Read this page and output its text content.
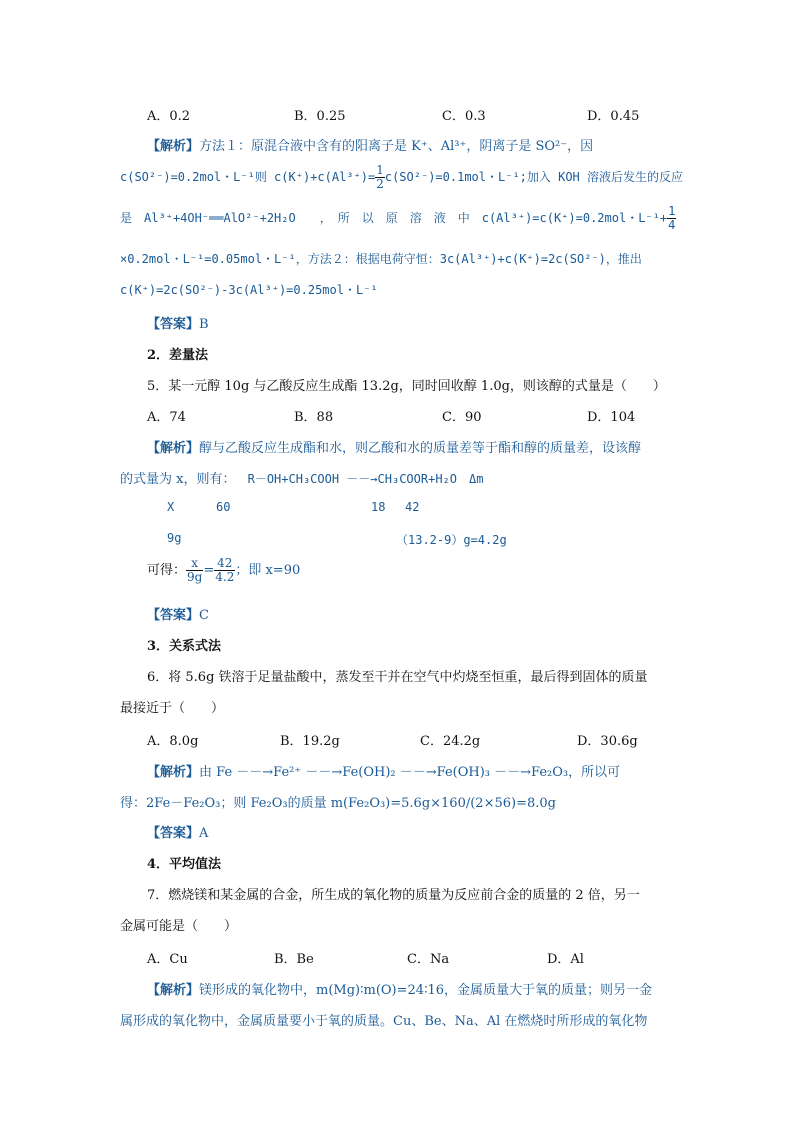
A．0.2	B．0.25	C．0.3	D．0.45
【解析】方法１：原混合液中含有的阳离子是 K⁺、Al³⁺，阴离子是 SO²⁻，因
c(SO²⁻)=0.2mol・L⁻¹则 $c(K^+)+c(Al^{3+})= \frac{1}{2} c(SO^{2-})=0.1mol$・L⁻¹;加入 KOH 溶液后发生的反应
是　Al³⁺+4OH⁻══AlO²⁻+2H₂O　　，　所　以　原　溶　液　中　c(Al³⁺)=c(K⁺)=0.2mol・$L^{-1}+ \frac{1}{4}$
×0.2mol・L⁻¹=0.05mol・L⁻¹，方法２：根据电荷守恒：3c(Al³⁺)+c(K⁺)=2c(SO²⁻)，推出
c(K⁺)=2c(SO²⁻)-3c(Al³⁺)=0.25mol・L⁻¹
【答案】B
2．差量法
5．某一元醇 10g 与乙酸反应生成酯 13.2g，同时回收醇 1.0g，则该醇的式量是（　　）
A．74	B．88	C．90	D．104
【解析】醇与乙酸反应生成酯和水，则乙酸和水的质量差等于酯和醇的质量差，设该醇
的式量为 x，则有： R－OH+CH₃COOH －－→CH₃COOR+H₂O　Δm
X	60	18 42
9g	（13.2-9）g=4.2g
可得： $\frac{x}{9g} = \frac{42}{4.2}$ ；即 x=90
【答案】C
3．关系式法
6．将 5.6g 铁溶于足量盐酸中，蒸发至干并在空气中灼烧至恒重，最后得到固体的质量
最接近于（　　）
A．8.0g	B．19.2g	C．24.2g	D．30.6g
【解析】由 Fe －－→Fe²⁺ －－→Fe(OH)₂ －－→Fe(OH)₃ －－→Fe₂O₃，所以可
得：2Fe－Fe₂O₃；则 Fe₂O₃的质量 m(Fe₂O₃)=5.6g×160/(2×56)=8.0g
【答案】A
4．平均值法
7．燃烧镁和某金属的合金，所生成的氧化物的质量为反应前合金的质量的 2 倍，另一
金属可能是（　　）
A．Cu	B．Be	C．Na	D．Al
【解析】镁形成的氧化物中，m(Mg)∶m(O)=24∶16，金属质量大于氧的质量；则另一金
属形成的氧化物中，金属质量要小于氧的质量。Cu、Be、Na、Al 在燃烧时所形成的氧化物
